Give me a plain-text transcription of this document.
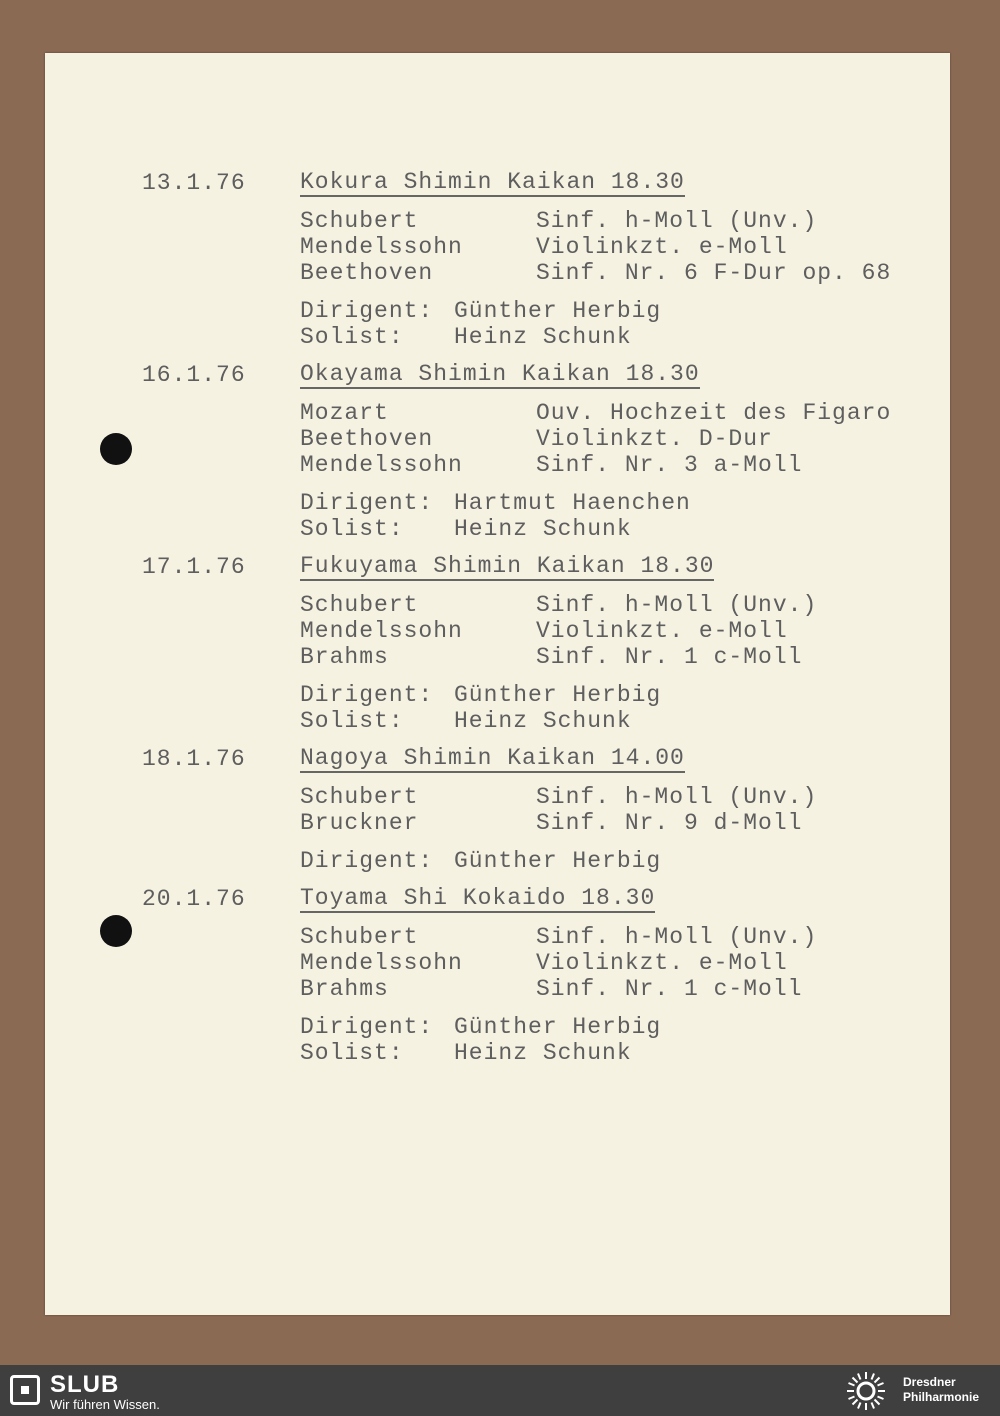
13.1.76 Kokura Shimin Kaikan 18.30
Schubert	Sinf. h-Moll (Unv.)
Mendelssohn	Violinkzt. e-Moll
Beethoven	Sinf. Nr. 6 F-Dur op. 68
Dirigent: Günther Herbig
Solist: Heinz Schunk
16.1.76 Okayama Shimin Kaikan 18.30
Mozart	Ouv. Hochzeit des Figaro
Beethoven	Violinkzt. D-Dur
Mendelssohn	Sinf. Nr. 3 a-Moll
Dirigent: Hartmut Haenchen
Solist: Heinz Schunk
17.1.76 Fukuyama Shimin Kaikan 18.30
Schubert	Sinf. h-Moll (Unv.)
Mendelssohn	Violinkzt. e-Moll
Brahms	Sinf. Nr. 1 c-Moll
Dirigent: Günther Herbig
Solist: Heinz Schunk
18.1.76 Nagoya Shimin Kaikan 14.00
Schubert	Sinf. h-Moll (Unv.)
Bruckner	Sinf. Nr. 9 d-Moll
Dirigent: Günther Herbig
20.1.76 Toyama Shi Kokaido 18.30
Schubert	Sinf. h-Moll (Unv.)
Mendelssohn	Violinkzt. e-Moll
Brahms	Sinf. Nr. 1 c-Moll
Dirigent: Günther Herbig
Solist: Heinz Schunk
SLUB
Wir führen Wissen.
Dresdner
Philharmonie
